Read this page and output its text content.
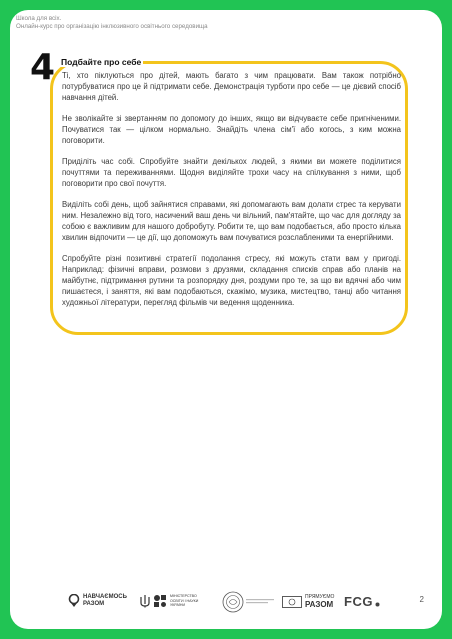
Школа для всіх.
Онлайн-курс про організацію інклюзивного освітнього середовища
4 Подбайте про себе

Ті, хто піклуються про дітей, мають багато з чим працювати. Вам також потрібно потурбуватися про це й підтримати себе. Демонстрація турботи про себе — це дієвий спосіб навчання дітей.

Не зволікайте зі звертанням по допомогу до інших, якщо ви відчуваєте себе пригніченими. Почуватися так — цілком нормально. Знайдіть члена сім'ї або когось, з ким можна поговорити.

Приділіть час собі. Спробуйте знайти декількох людей, з якими ви можете поділитися почуттями та переживаннями. Щодня виділяйте трохи часу на спілкування з ними, щоб поговорити про свої почуття.

Виділіть собі день, щоб зайнятися справами, які допомагають вам долати стрес та керувати ним. Незалежно від того, насичений ваш день чи вільний, пам'ятайте, що час для догляду за собою є важливим для нашого добробуту. Робити те, що вам подобається, або просто кілька хвилин відпочити — це дії, що допоможуть вам почуватися розслабленими та енергійними.

Спробуйте різні позитивні стратегії подолання стресу, які можуть стати вам у пригоді. Наприклад: фізичні вправи, розмови з друзями, складання списків справ або планів на майбутнє, підтримання рутини та розпорядку дня, роздуми про те, за що ви вдячні або чим пишаєтеся, і заняття, які вам подобаються, скажімо, музика, мистецтво, танці або читання художньої літератури, перегляд фільмів чи ведення щоденника.

НАВЧАЄМОСЬ
РАЗОМ
МІНІСТЕРСТВО
ОСВІТИ І НАУКИ
УКРАЇНИ
ПРЯМУЄМО
РАЗОМ FCG	2
